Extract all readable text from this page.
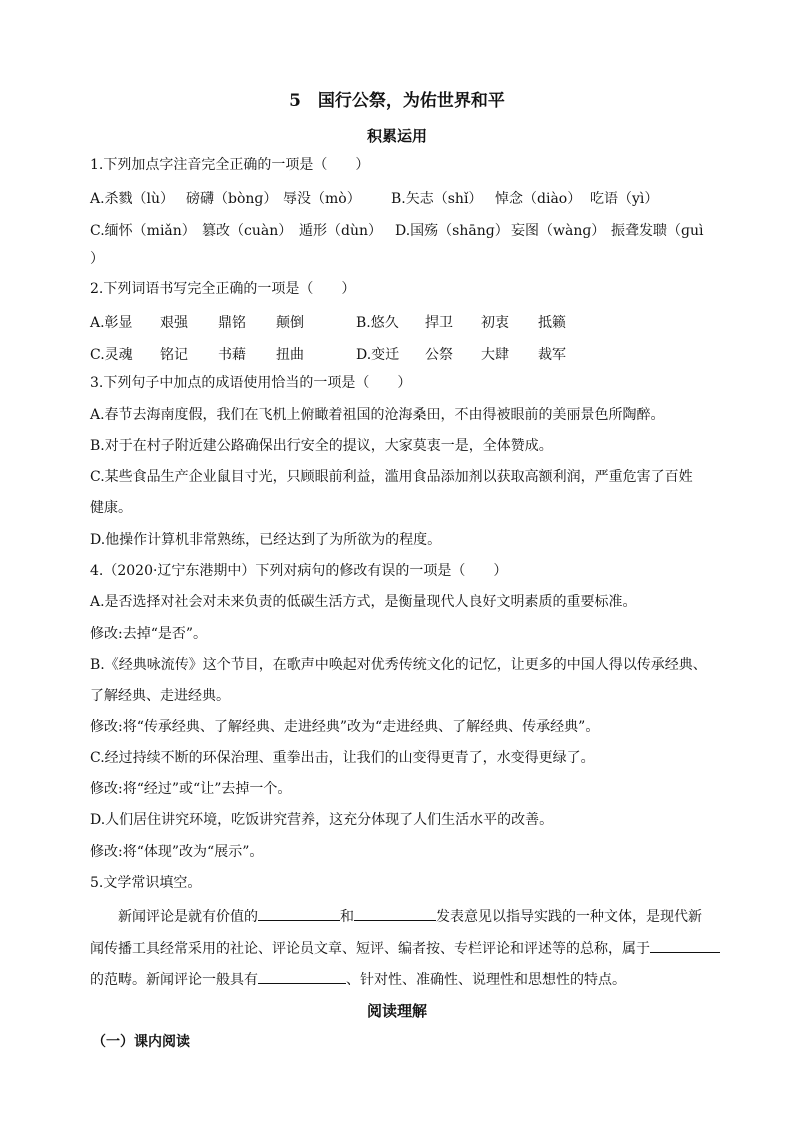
5　国行公祭，为佑世界和平
积累运用
1.下列加点字注音完全正确的一项是（　　）
A.杀戮（lù） 磅礴（bònɡ） 辱没（mò） B.矢志（shǐ） 悼念（diào） 吃语（yì）
C.缅怀（miǎn） 篡改（cuàn） 遁形（dùn） D.国殇（shānɡ） 妄图（wànɡ） 振聋发聩（ɡuì
）
2.下列词语书写完全正确的一项是（　　）
A.彰显 艰强 鼎铭 颠倒	B.悠久 捍卫 初衷 抵籁
C.灵魂 铭记 书藉 扭曲	D.变迁 公祭 大肆 裁军
3.下列句子中加点的成语使用恰当的一项是（　　）
A.春节去海南度假，我们在飞机上俯瞰着祖国的沧海桑田，不由得被眼前的美丽景色所陶醉。
B.对于在村子附近建公路确保出行安全的提议，大家莫衷一是，全体赞成。
C.某些食品生产企业鼠目寸光，只顾眼前利益，滥用食品添加剂以获取高额利润，严重危害了百姓
健康。
D.他操作计算机非常熟练，已经达到了为所欲为的程度。
4.（2020·辽宁东港期中）下列对病句的修改有误的一项是（　　）
A.是否选择对社会对未来负责的低碳生活方式，是衡量现代人良好文明素质的重要标准。
修改:去掉“是否”。
B.《经典咏流传》这个节目，在歌声中唤起对优秀传统文化的记忆，让更多的中国人得以传承经典、
了解经典、走进经典。
修改:将“传承经典、了解经典、走进经典”改为“走进经典、了解经典、传承经典”。
C.经过持续不断的环保治理、重拳出击，让我们的山变得更青了，水变得更绿了。
修改:将“经过”或“让”去掉一个。
D.人们居住讲究环境，吃饭讲究营养，这充分体现了人们生活水平的改善。
修改:将“体现”改为“展示”。
5.文学常识填空。
新闻评论是就有价值的	和	发表意见以指导实践的一种文体，是现代新
闻传播工具经常采用的社论、评论员文章、短评、编者按、专栏评论和评述等的总称，属于
的范畴。新闻评论一般具有	、针对性、准确性、说理性和思想性的特点。
阅读理解
（一）课内阅读
